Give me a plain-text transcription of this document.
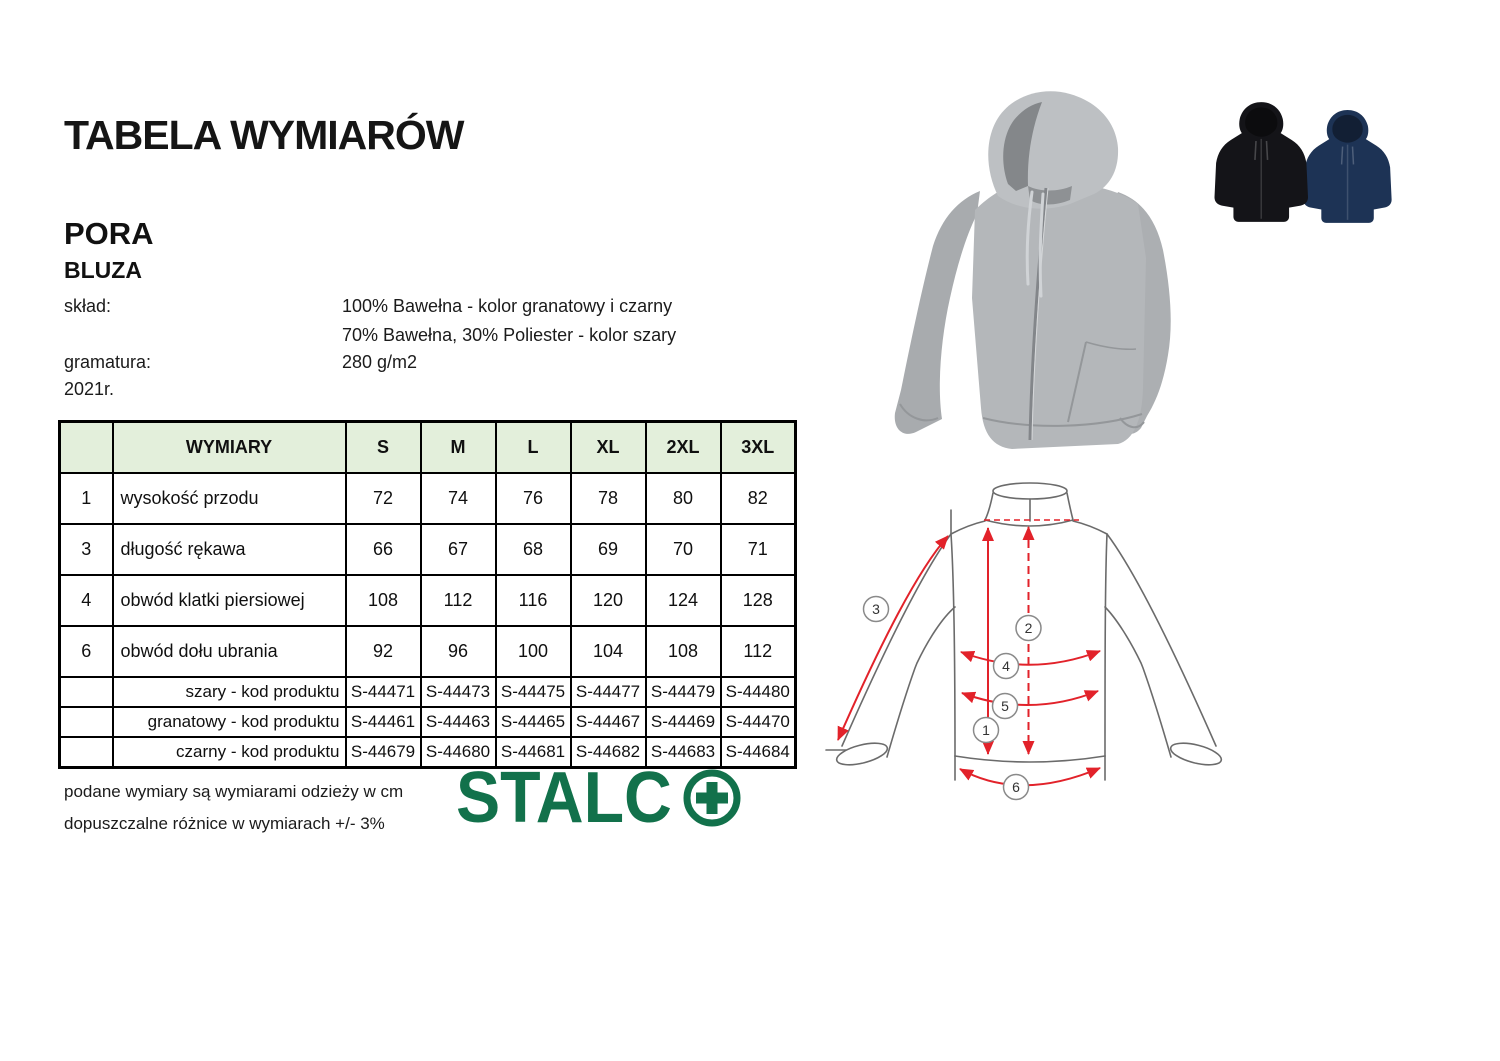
TABELA WYMIARÓW
PORA
BLUZA
skład:	100% Bawełna - kolor granatowy i czarny
70% Bawełna, 30% Poliester - kolor szary
gramatura:	280 g/m2
2021r.
	WYMIARY	S	M	L	XL	2XL	3XL
1	wysokość przodu	72	74	76	78	80	82
3	długość rękawa	66	67	68	69	70	71
4	obwód klatki piersiowej	108	112	116	120	124	128
6	obwód dołu ubrania	92	96	100	104	108	112
	szary - kod produktu	S-44471	S-44473	S-44475	S-44477	S-44479	S-44480
	granatowy - kod produktu	S-44461	S-44463	S-44465	S-44467	S-44469	S-44470
	czarny - kod produktu	S-44679	S-44680	S-44681	S-44682	S-44683	S-44684
podane wymiary są wymiarami odzieży w cm
dopuszczalne różnice w wymiarach +/- 3% STALC
3
2
4
5
1
6
